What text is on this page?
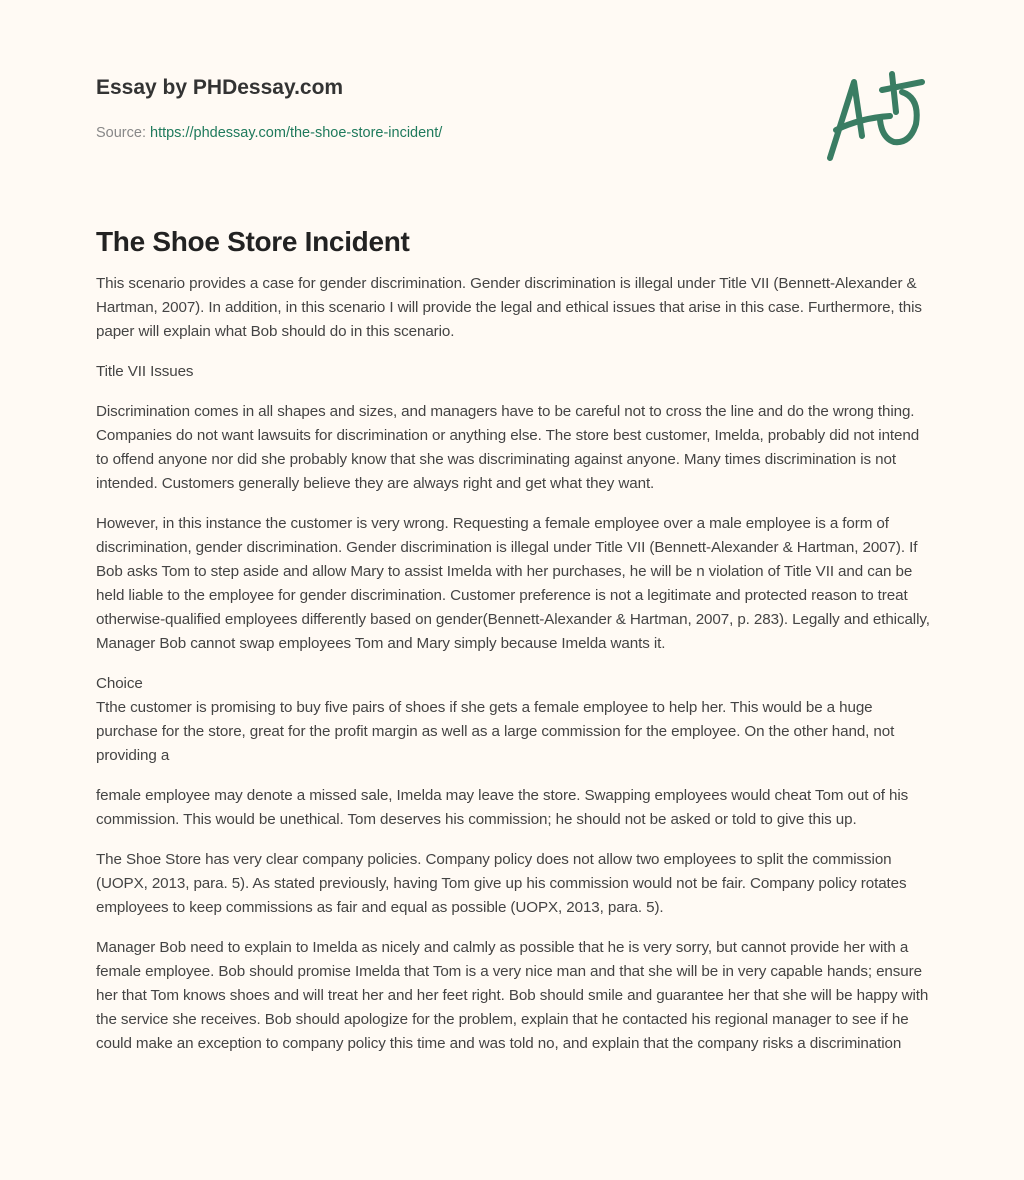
Essay by PHDessay.com
Source: https://phdessay.com/the-shoe-store-incident/
The Shoe Store Incident

This scenario provides a case for gender discrimination. Gender discrimination is illegal under Title VII (Bennett-Alexander & Hartman, 2007). In addition, in this scenario I will provide the legal and ethical issues that arise in this case. Furthermore, this paper will explain what Bob should do in this scenario.

Title VII Issues

Discrimination comes in all shapes and sizes, and managers have to be careful not to cross the line and do the wrong thing. Companies do not want lawsuits for discrimination or anything else. The store best customer, Imelda, probably did not intend to offend anyone nor did she probably know that she was discriminating against anyone. Many times discrimination is not intended. Customers generally believe they are always right and get what they want.

However, in this instance the customer is very wrong. Requesting a female employee over a male employee is a form of discrimination, gender discrimination. Gender discrimination is illegal under Title VII (Bennett-Alexander & Hartman, 2007). If Bob asks Tom to step aside and allow Mary to assist Imelda with her purchases, he will be n violation of Title VII and can be held liable to the employee for gender discrimination. Customer preference is not a legitimate and protected reason to treat otherwise-qualified employees differently based on gender(Bennett-Alexander & Hartman, 2007, p. 283). Legally and ethically, Manager Bob cannot swap employees Tom and Mary simply because Imelda wants it.

Choice

Tthe customer is promising to buy five pairs of shoes if she gets a female employee to help her. This would be a huge purchase for the store, great for the profit margin as well as a large commission for the employee. On the other hand, not providing a

female employee may denote a missed sale, Imelda may leave the store. Swapping employees would cheat Tom out of his commission. This would be unethical. Tom deserves his commission; he should not be asked or told to give this up.

The Shoe Store has very clear company policies. Company policy does not allow two employees to split the commission (UOPX, 2013, para. 5). As stated previously, having Tom give up his commission would not be fair. Company policy rotates employees to keep commissions as fair and equal as possible (UOPX, 2013, para. 5).

Manager Bob need to explain to Imelda as nicely and calmly as possible that he is very sorry, but cannot provide her with a female employee. Bob should promise Imelda that Tom is a very nice man and that she will be in very capable hands; ensure her that Tom knows shoes and will treat her and her feet right. Bob should smile and guarantee her that she will be happy with the service she receives. Bob should apologize for the problem, explain that he contacted his regional manager to see if he could make an exception to company policy this time and was told no, and explain that the company risks a discrimination
